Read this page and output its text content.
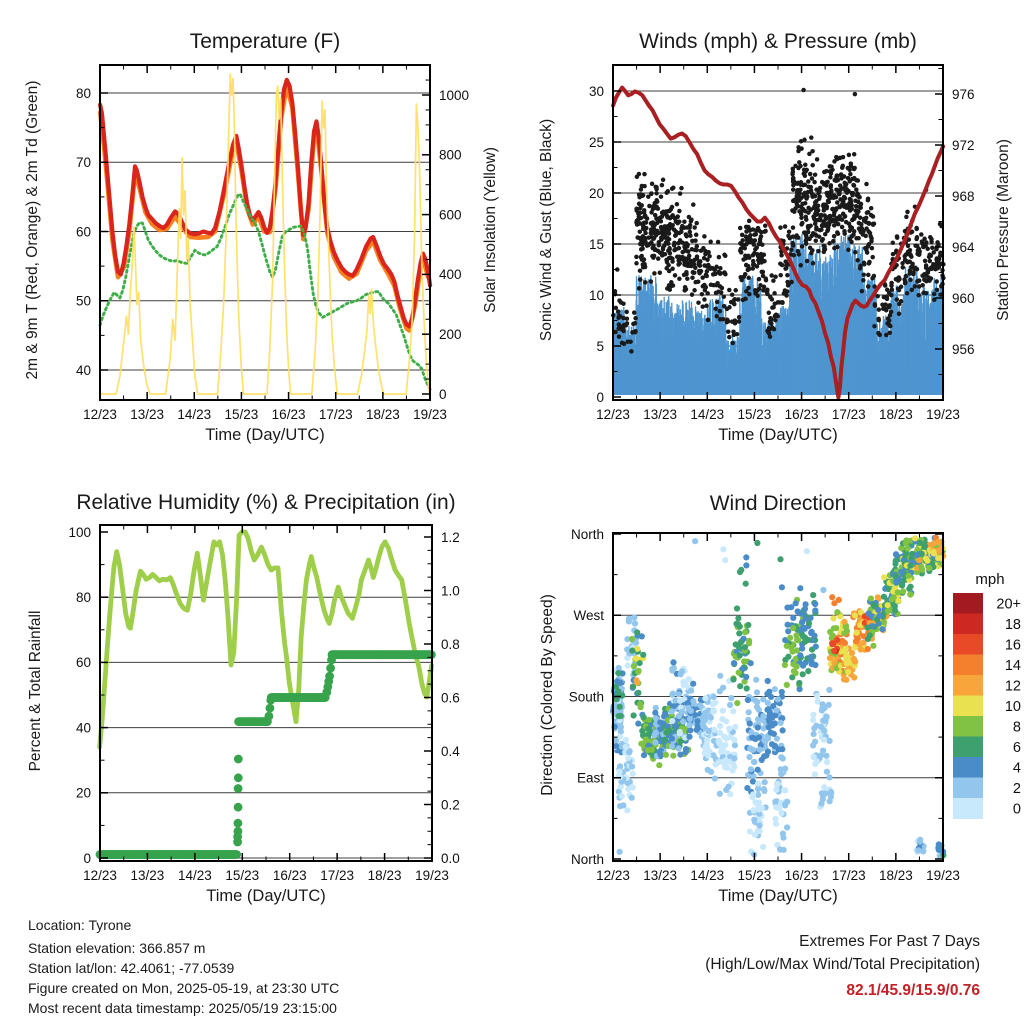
12/23 13/23 14/23 15/23 16/23 17/23 18/23 19/23
40
50
60
70
80
0
200
400
600
800
1000
12/23 13/23 14/23 15/23 16/23 17/23 18/23 19/23
0
5
10
15
20
25
30
956
960
964
968
972
976
12/23 13/23 14/23 15/23 16/23 17/23 18/23 19/23
0
20
40
60
80
100
0.0
0.2
0.4
0.6
0.8
1.0
1.2
12/23 13/23 14/23 15/23 16/23 17/23 18/23 19/23
North
East
South
West
North
mph
20+
18
16
14
12
10
8
6
4
2
0
Temperature (F)	Winds (mph) & Pressure (mb)
Relative Humidity (%) & Precipitation (in)	Wind Direction
Time (Day/UTC)	Time (Day/UTC)
Time (Day/UTC)	Time (Day/UTC)
2m & 9m T (Red, Orange) & 2m Td (Green)	Solar Insolation (Yellow)	Sonic Wind & Gust (Blue, Black)	Station Pressure (Maroon)
Percent & Total Rainfall	Direction (Colored By Speed)
Location: Tyrone
Station elevation: 366.857 m
Station lat/lon: 42.4061; -77.0539
Figure created on Mon, 2025-05-19, at 23:30 UTC
Most recent data timestamp: 2025/05/19 23:15:00
Extremes For Past 7 Days
(High/Low/Max Wind/Total Precipitation)
82.1/45.9/15.9/0.76
